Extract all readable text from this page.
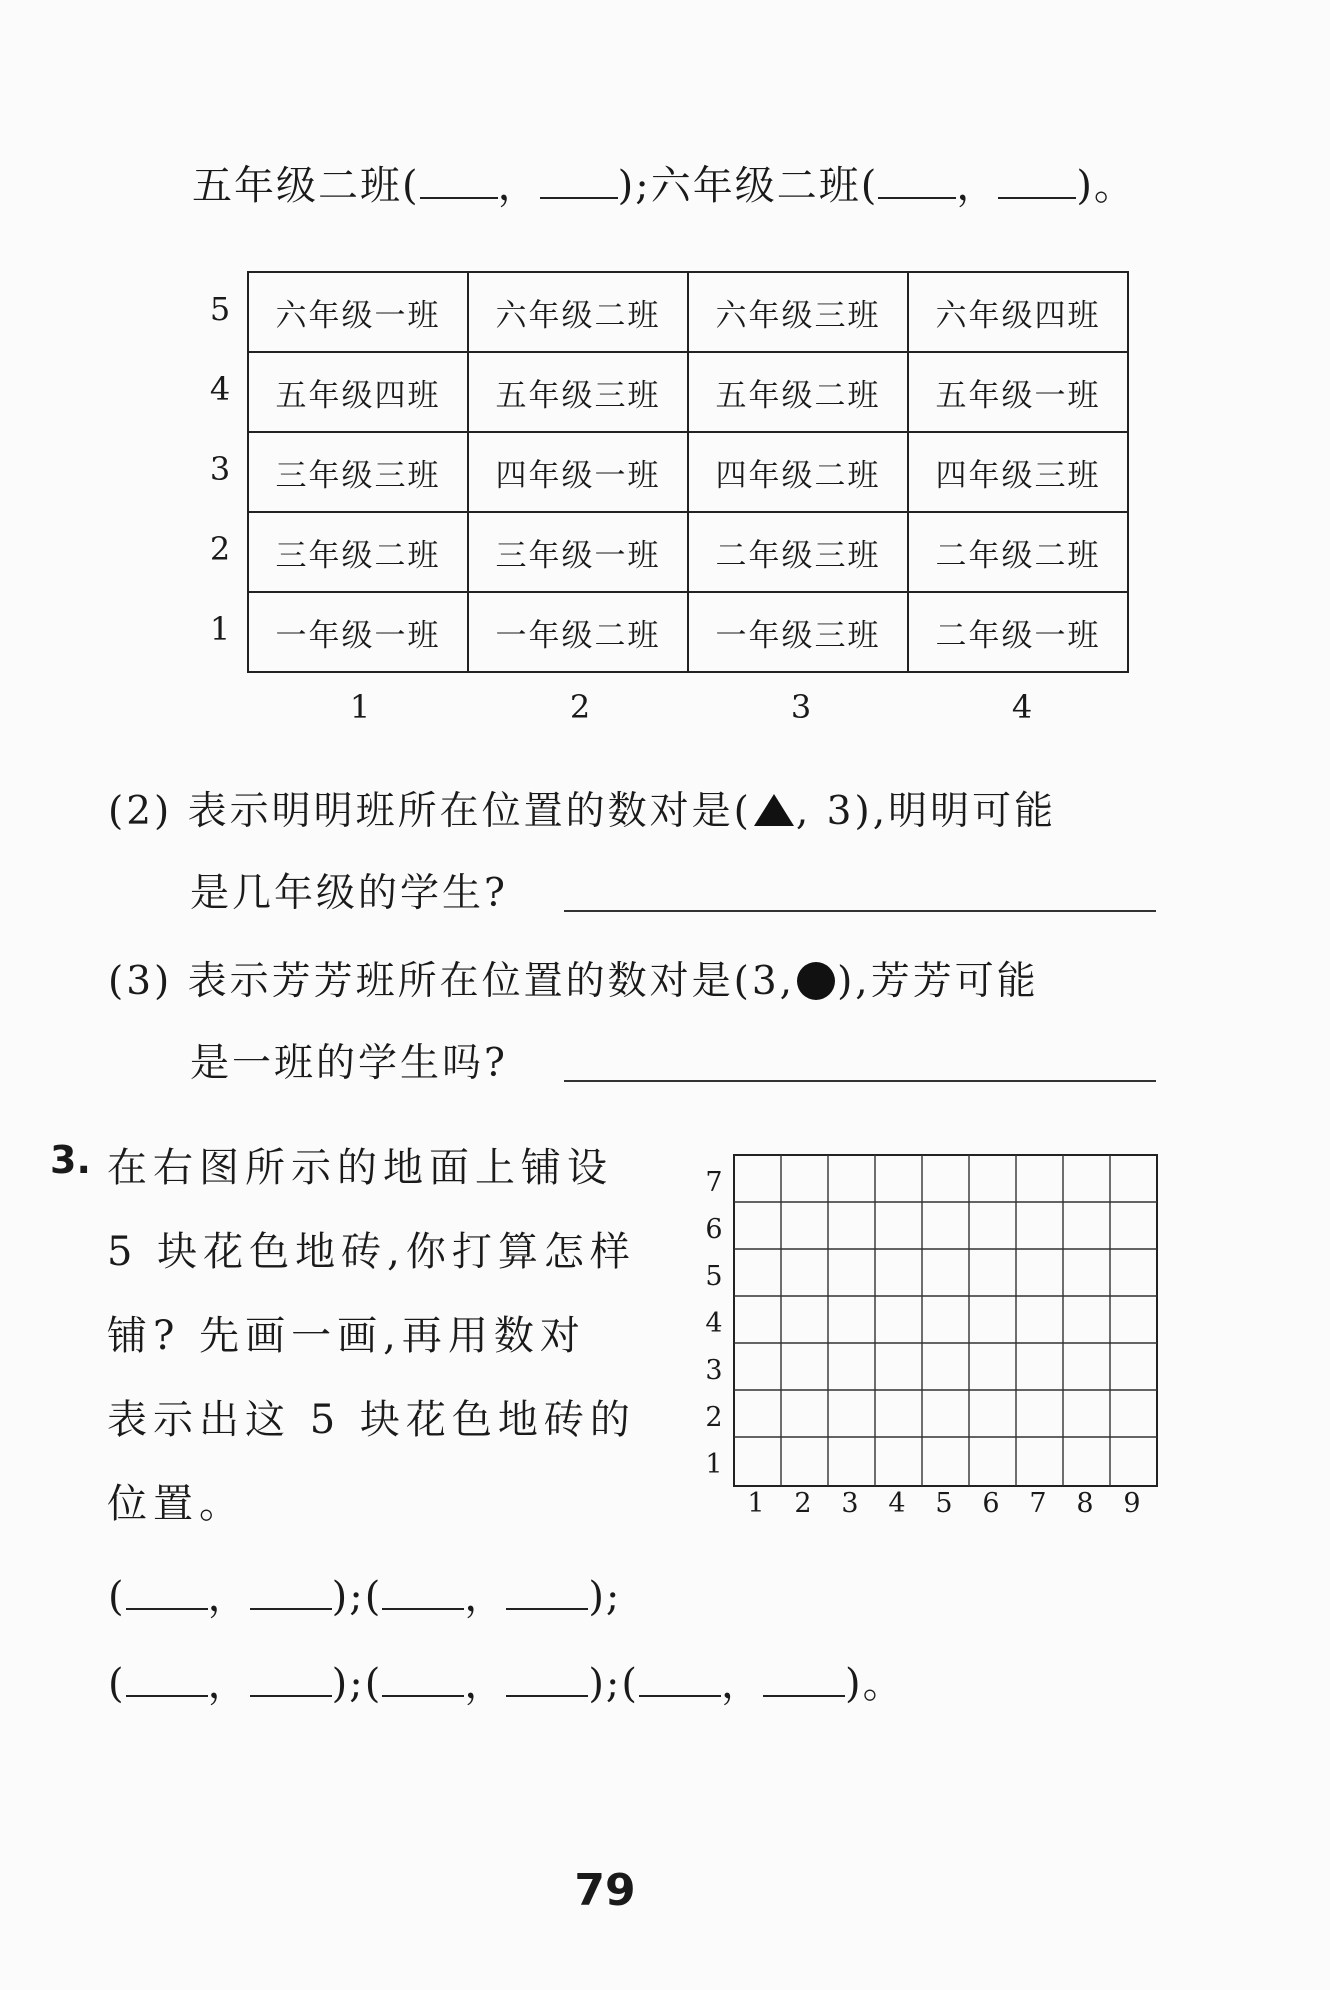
五年级二班( ， );六年级二班( ， )。
5
4
3
2
1
六年级一班	六年级二班	六年级三班	六年级四班
五年级四班	五年级三班	五年级二班	五年级一班
三年级三班	四年级一班	四年级二班	四年级三班
三年级二班	三年级一班	二年级三班	二年级二班
一年级一班	一年级二班	一年级三班	二年级一班
1	2	3	4
(2) 表示明明班所在位置的数对是( , 3),明明可能
是几年级的学生?
(3) 表示芳芳班所在位置的数对是(3, ),芳芳可能
是一班的学生吗?
3. 在右图所示的地面上铺设
5 块花色地砖,你打算怎样
铺? 先画一画,再用数对
表示出这 5 块花色地砖的
位置。
7
6
5
4
3
2
1
1 2 3 4 5 6 7 8 9
( ， );( ， );
( ， );( ， );( ， )。
79
